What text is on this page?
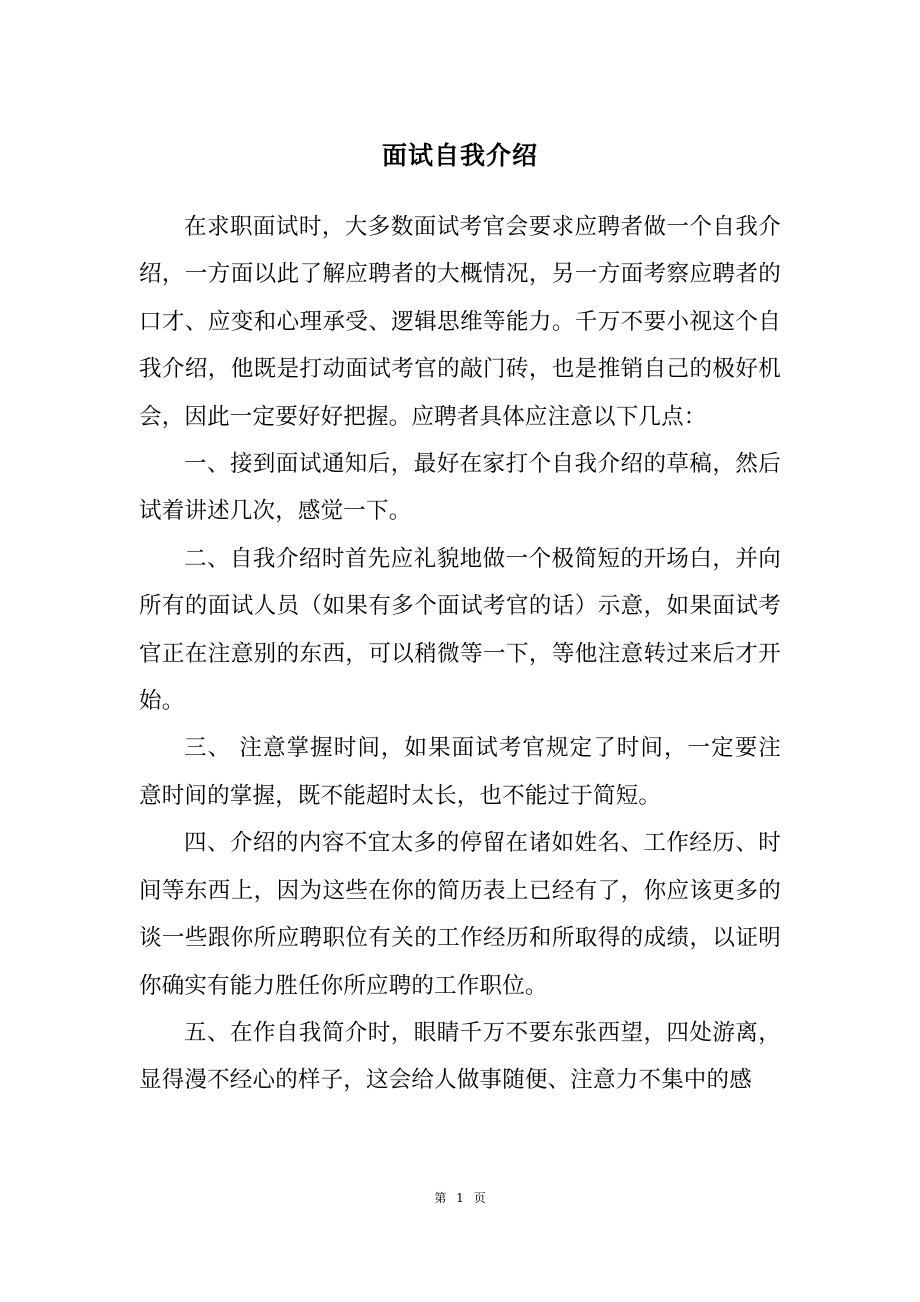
面试自我介绍

在求职面试时，大多数面试考官会要求应聘者做一个自我介绍，一方面以此了解应聘者的大概情况，另一方面考察应聘者的口才、应变和心理承受、逻辑思维等能力。千万不要小视这个自我介绍，他既是打动面试考官的敲门砖，也是推销自己的极好机会，因此一定要好好把握。应聘者具体应注意以下几点：

一、接到面试通知后，最好在家打个自我介绍的草稿，然后试着讲述几次，感觉一下。

二、自我介绍时首先应礼貌地做一个极简短的开场白，并向所有的面试人员（如果有多个面试考官的话）示意，如果面试考官正在注意别的东西，可以稍微等一下，等他注意转过来后才开始。

三、 注意掌握时间，如果面试考官规定了时间，一定要注意时间的掌握，既不能超时太长，也不能过于简短。

四、介绍的内容不宜太多的停留在诸如姓名、工作经历、时间等东西上，因为这些在你的简历表上已经有了，你应该更多的谈一些跟你所应聘职位有关的工作经历和所取得的成绩，以证明你确实有能力胜任你所应聘的工作职位。

五、在作自我简介时，眼睛千万不要东张西望，四处游离，显得漫不经心的样子，这会给人做事随便、注意力不集中的感

第 1 页
